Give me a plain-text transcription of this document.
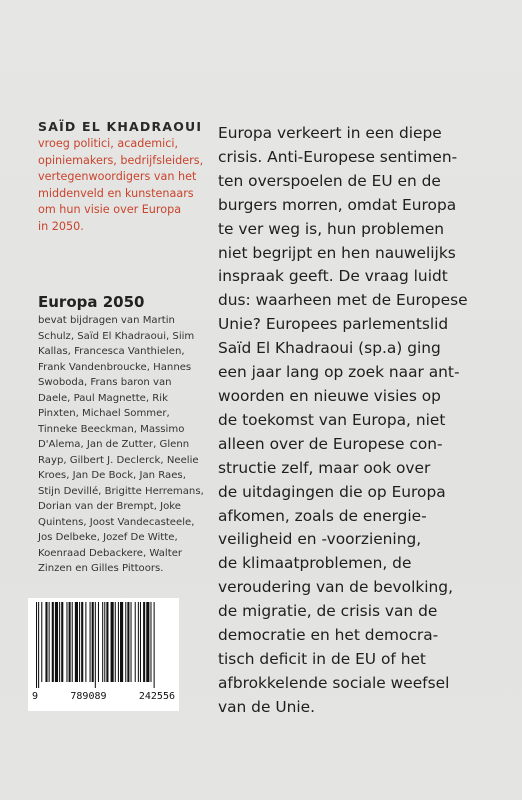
SAÏD EL KHADRAOUI
vroeg politici, academici,
opiniemakers, bedrijfsleiders,
vertegenwoordigers van het
middenveld en kunstenaars
om hun visie over Europa
in 2050.
Europa 2050
bevat bijdragen van Martin
Schulz, Saïd El Khadraoui, Siim
Kallas, Francesca Vanthielen,
Frank Vandenbroucke, Hannes
Swoboda, Frans baron van
Daele, Paul Magnette, Rik
Pinxten, Michael Sommer,
Tinneke Beeckman, Massimo
D'Alema, Jan de Zutter, Glenn
Rayp, Gilbert J. Declerck, Neelie
Kroes, Jan De Bock, Jan Raes,
Stijn Devillé, Brigitte Herremans,
Dorian van der Brempt, Joke
Quintens, Joost Vandecasteele,
Jos Delbeke, Jozef De Witte,
Koenraad Debackere, Walter
Zinzen en Gilles Pittoors.
9	789089	242556
Europa verkeert in een diepe
crisis. Anti-Europese sentimen-
ten overspoelen de EU en de
burgers morren, omdat Europa
te ver weg is, hun problemen
niet begrijpt en hen nauwelijks
inspraak geeft. De vraag luidt
dus: waarheen met de Europese
Unie? Europees parlementslid
Saïd El Khadraoui (sp.a) ging
een jaar lang op zoek naar ant-
woorden en nieuwe visies op
de toekomst van Europa, niet
alleen over de Europese con-
structie zelf, maar ook over
de uitdagingen die op Europa
afkomen, zoals de energie-
veiligheid en -voorziening,
de klimaatproblemen, de
veroudering van de bevolking,
de migratie, de crisis van de
democratie en het democra-
tisch deficit in de EU of het
afbrokkelende sociale weefsel
van de Unie.
